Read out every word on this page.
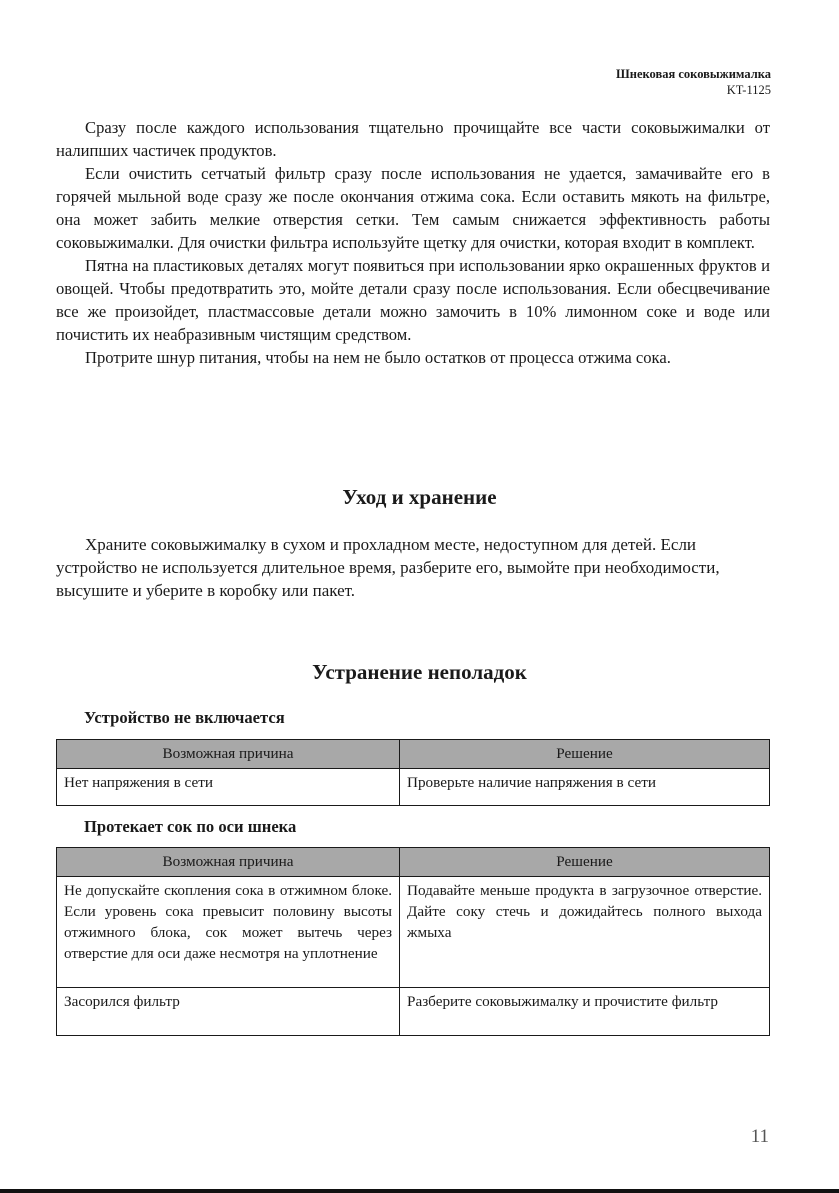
Шнековая соковыжималка
KT-1125

Сразу после каждого использования тщательно прочищайте все части соковыжималки от налипших частичек продуктов.

Если очистить сетчатый фильтр сразу после использования не удается, замачивайте его в горячей мыльной воде сразу же после окончания отжима сока. Если оставить мякоть на фильтре, она может забить мелкие отверстия сетки. Тем самым снижается эффективность работы соковыжималки. Для очистки фильтра используйте щетку для очистки, которая входит в комплект.

Пятна на пластиковых деталях могут появиться при использовании ярко окрашенных фруктов и овощей. Чтобы предотвратить это, мойте детали сразу после использования. Если обесцвечивание все же произойдет, пластмассовые детали можно замочить в 10% лимонном соке и воде или почистить их неабразивным чистящим средством.

Протрите шнур питания, чтобы на нем не было остатков от процесса отжима сока.

Уход и хранение

Храните соковыжималку в сухом и прохладном месте, недоступном для детей. Если устройство не используется длительное время, разберите его, вымойте при необходимости, высушите и уберите в коробку или пакет.

Устранение неполадок
Устройство не включается
Возможная причина	Решение
Нет напряжения в сети	Проверьте наличие напряжения в сети
Протекает сок по оси шнека
Возможная причина	Решение
Не допускайте скопления сока в отжимном блоке. Если уровень сока превысит половину высоты отжимного блока, сок может вытечь через отверстие для оси даже несмотря на уплотнение	Подавайте меньше продукта в загрузочное отверстие. Дайте соку стечь и дожидайтесь полного выхода жмыха
Засорился фильтр	Разберите соковыжималку и прочистите фильтр
11
